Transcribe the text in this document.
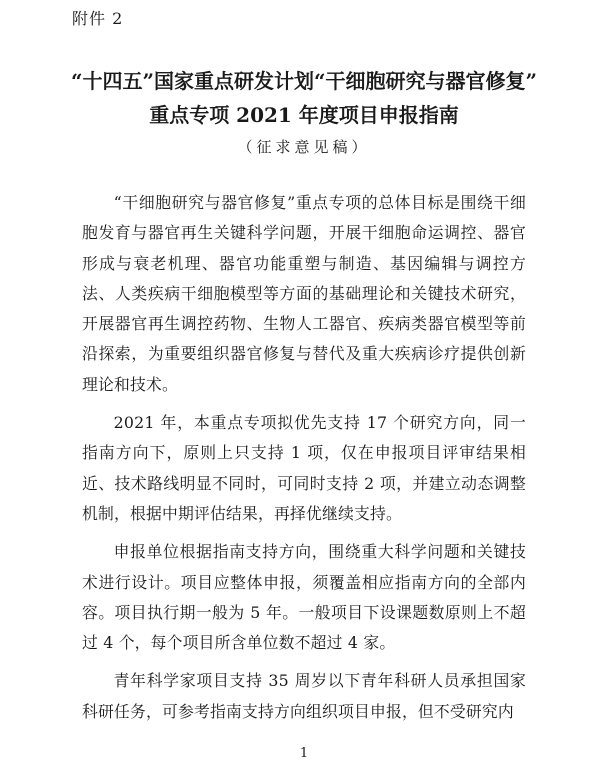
附件 2
“十四五”国家重点研发计划“干细胞研究与器官修复”
重点专项 2021 年度项目申报指南
（征求意见稿）

“干细胞研究与器官修复”重点专项的总体目标是围绕干细胞发育与器官再生关键科学问题，开展干细胞命运调控、器官形成与衰老机理、器官功能重塑与制造、基因编辑与调控方法、人类疾病干细胞模型等方面的基础理论和关键技术研究，开展器官再生调控药物、生物人工器官、疾病类器官模型等前沿探索，为重要组织器官修复与替代及重大疾病诊疗提供创新理论和技术。

2021 年，本重点专项拟优先支持 17 个研究方向，同一指南方向下，原则上只支持 1 项，仅在申报项目评审结果相近、技术路线明显不同时，可同时支持 2 项，并建立动态调整机制，根据中期评估结果，再择优继续支持。

申报单位根据指南支持方向，围绕重大科学问题和关键技术进行设计。项目应整体申报，须覆盖相应指南方向的全部内容。项目执行期一般为 5 年。一般项目下设课题数原则上不超过 4 个，每个项目所含单位数不超过 4 家。

青年科学家项目支持 35 周岁以下青年科研人员承担国家科研任务，可参考指南支持方向组织项目申报，但不受研究内

1
